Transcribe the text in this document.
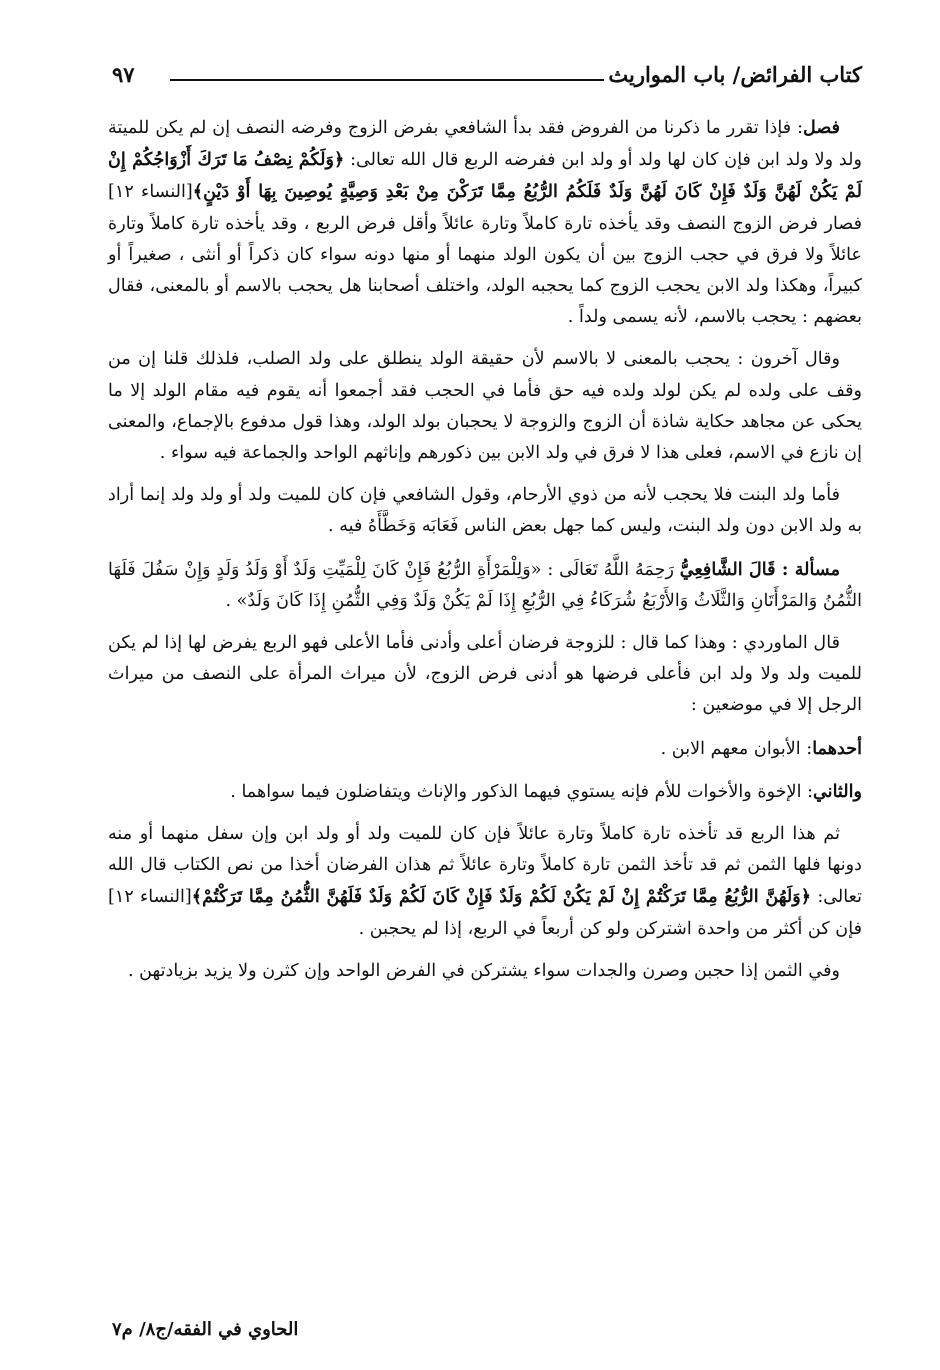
كتاب الفرائض/ باب المواريث
٩٧

فصل: فإذا تقرر ما ذكرنا من الفروض فقد بدأ الشافعي بفرض الزوج وفرضه النصف إن لم يكن للميتة ولد ولا ولد ابن فإن كان لها ولد أو ولد ابن ففرضه الربع قال الله تعالى: ﴿وَلَكُمْ نِصْفُ مَا تَرَكَ أَزْوَاجُكُمْ إِنْ لَمْ يَكُنْ لَهُنَّ وَلَدٌ فَإِنْ كَانَ لَهُنَّ وَلَدٌ فَلَكُمُ الرُّبُعُ مِمَّا تَرَكْنَ مِنْ بَعْدِ وَصِيَّةٍ يُوصِينَ بِهَا أَوْ دَيْنٍ﴾[النساء ١٢] فصار فرض الزوج النصف وقد يأخذه تارة كاملاً وتارة عائلاً وأقل فرض الربع ، وقد يأخذه تارة كاملاً وتارة عائلاً ولا فرق في حجب الزوج بين أن يكون الولد منهما أو منها دونه سواء كان ذكراً أو أنثى ، صغيراً أو كبيراً، وهكذا ولد الابن يحجب الزوج كما يحجبه الولد، واختلف أصحابنا هل يحجب بالاسم أو بالمعنى، فقال بعضهم : يحجب بالاسم، لأنه يسمى ولداً .

وقال آخرون : يحجب بالمعنى لا بالاسم لأن حقيقة الولد ينطلق على ولد الصلب، فلذلك قلنا إن من وقف على ولده لم يكن لولد ولده فيه حق فأما في الحجب فقد أجمعوا أنه يقوم فيه مقام الولد إلا ما يحكى عن مجاهد حكاية شاذة أن الزوج والزوجة لا يحجبان بولد الولد، وهذا قول مدفوع بالإجماع، والمعنى إن نازع في الاسم، فعلى هذا لا فرق في ولد الابن بين ذكورهم وإناثهم الواحد والجماعة فيه سواء .

فأما ولد البنت فلا يحجب لأنه من ذوي الأرحام، وقول الشافعي فإن كان للميت ولد أو ولد ولد إنما أراد به ولد الابن دون ولد البنت، وليس كما جهل بعض الناس فَعَابَه وَخَطَّأَهُ فيه .

مسألة : قَالَ الشَّافِعِيُّ رَحِمَهُ اللَّهُ تَعَالَى : «وَلِلْمَرْأَةِ الرُّبُعُ فَإِنْ كَانَ لِلْمَيِّتِ وَلَدٌ أَوْ وَلَدُ وَلَدٍ وَإِنْ سَفُلَ فَلَهَا الثُّمُنُ وَالمَرْأَتَانِ وَالثَّلَاثُ وَالأَرْبَعُ شُرَكَاءُ فِي الرُّبُعِ إِذَا لَمْ يَكُنْ وَلَدٌ وَفِي الثُّمُنِ إِذَا كَانَ وَلَدٌ» .

قال الماوردي : وهذا كما قال : للزوجة فرضان أعلى وأدنى فأما الأعلى فهو الربع يفرض لها إذا لم يكن للميت ولد ولا ولد ابن فأعلى فرضها هو أدنى فرض الزوج، لأن ميراث المرأة على النصف من ميراث الرجل إلا في موضعين :

أحدهما: الأبوان معهم الابن .

والثاني: الإخوة والأخوات للأم فإنه يستوي فيهما الذكور والإناث ويتفاضلون فيما سواهما .

ثم هذا الربع قد تأخذه تارة كاملاً وتارة عائلاً فإن كان للميت ولد أو ولد ابن وإن سفل منهما أو منه دونها فلها الثمن ثم قد تأخذ الثمن تارة كاملاً وتارة عائلاً ثم هذان الفرضان أخذا من نص الكتاب قال الله تعالى: ﴿وَلَهُنَّ الرُّبُعُ مِمَّا تَرَكْتُمْ إِنْ لَمْ يَكُنْ لَكُمْ وَلَدٌ فَإِنْ كَانَ لَكُمْ وَلَدٌ فَلَهُنَّ الثُّمُنُ مِمَّا تَرَكْتُمْ﴾[النساء ١٢] فإن كن أكثر من واحدة اشتركن ولو كن أربعاً في الربع، إذا لم يحجبن .

وفي الثمن إذا حجبن وصرن والجدات سواء يشتركن في الفرض الواحد وإن كثرن ولا يزيد بزيادتهن .

الحاوي في الفقه/ج٨/ م٧
